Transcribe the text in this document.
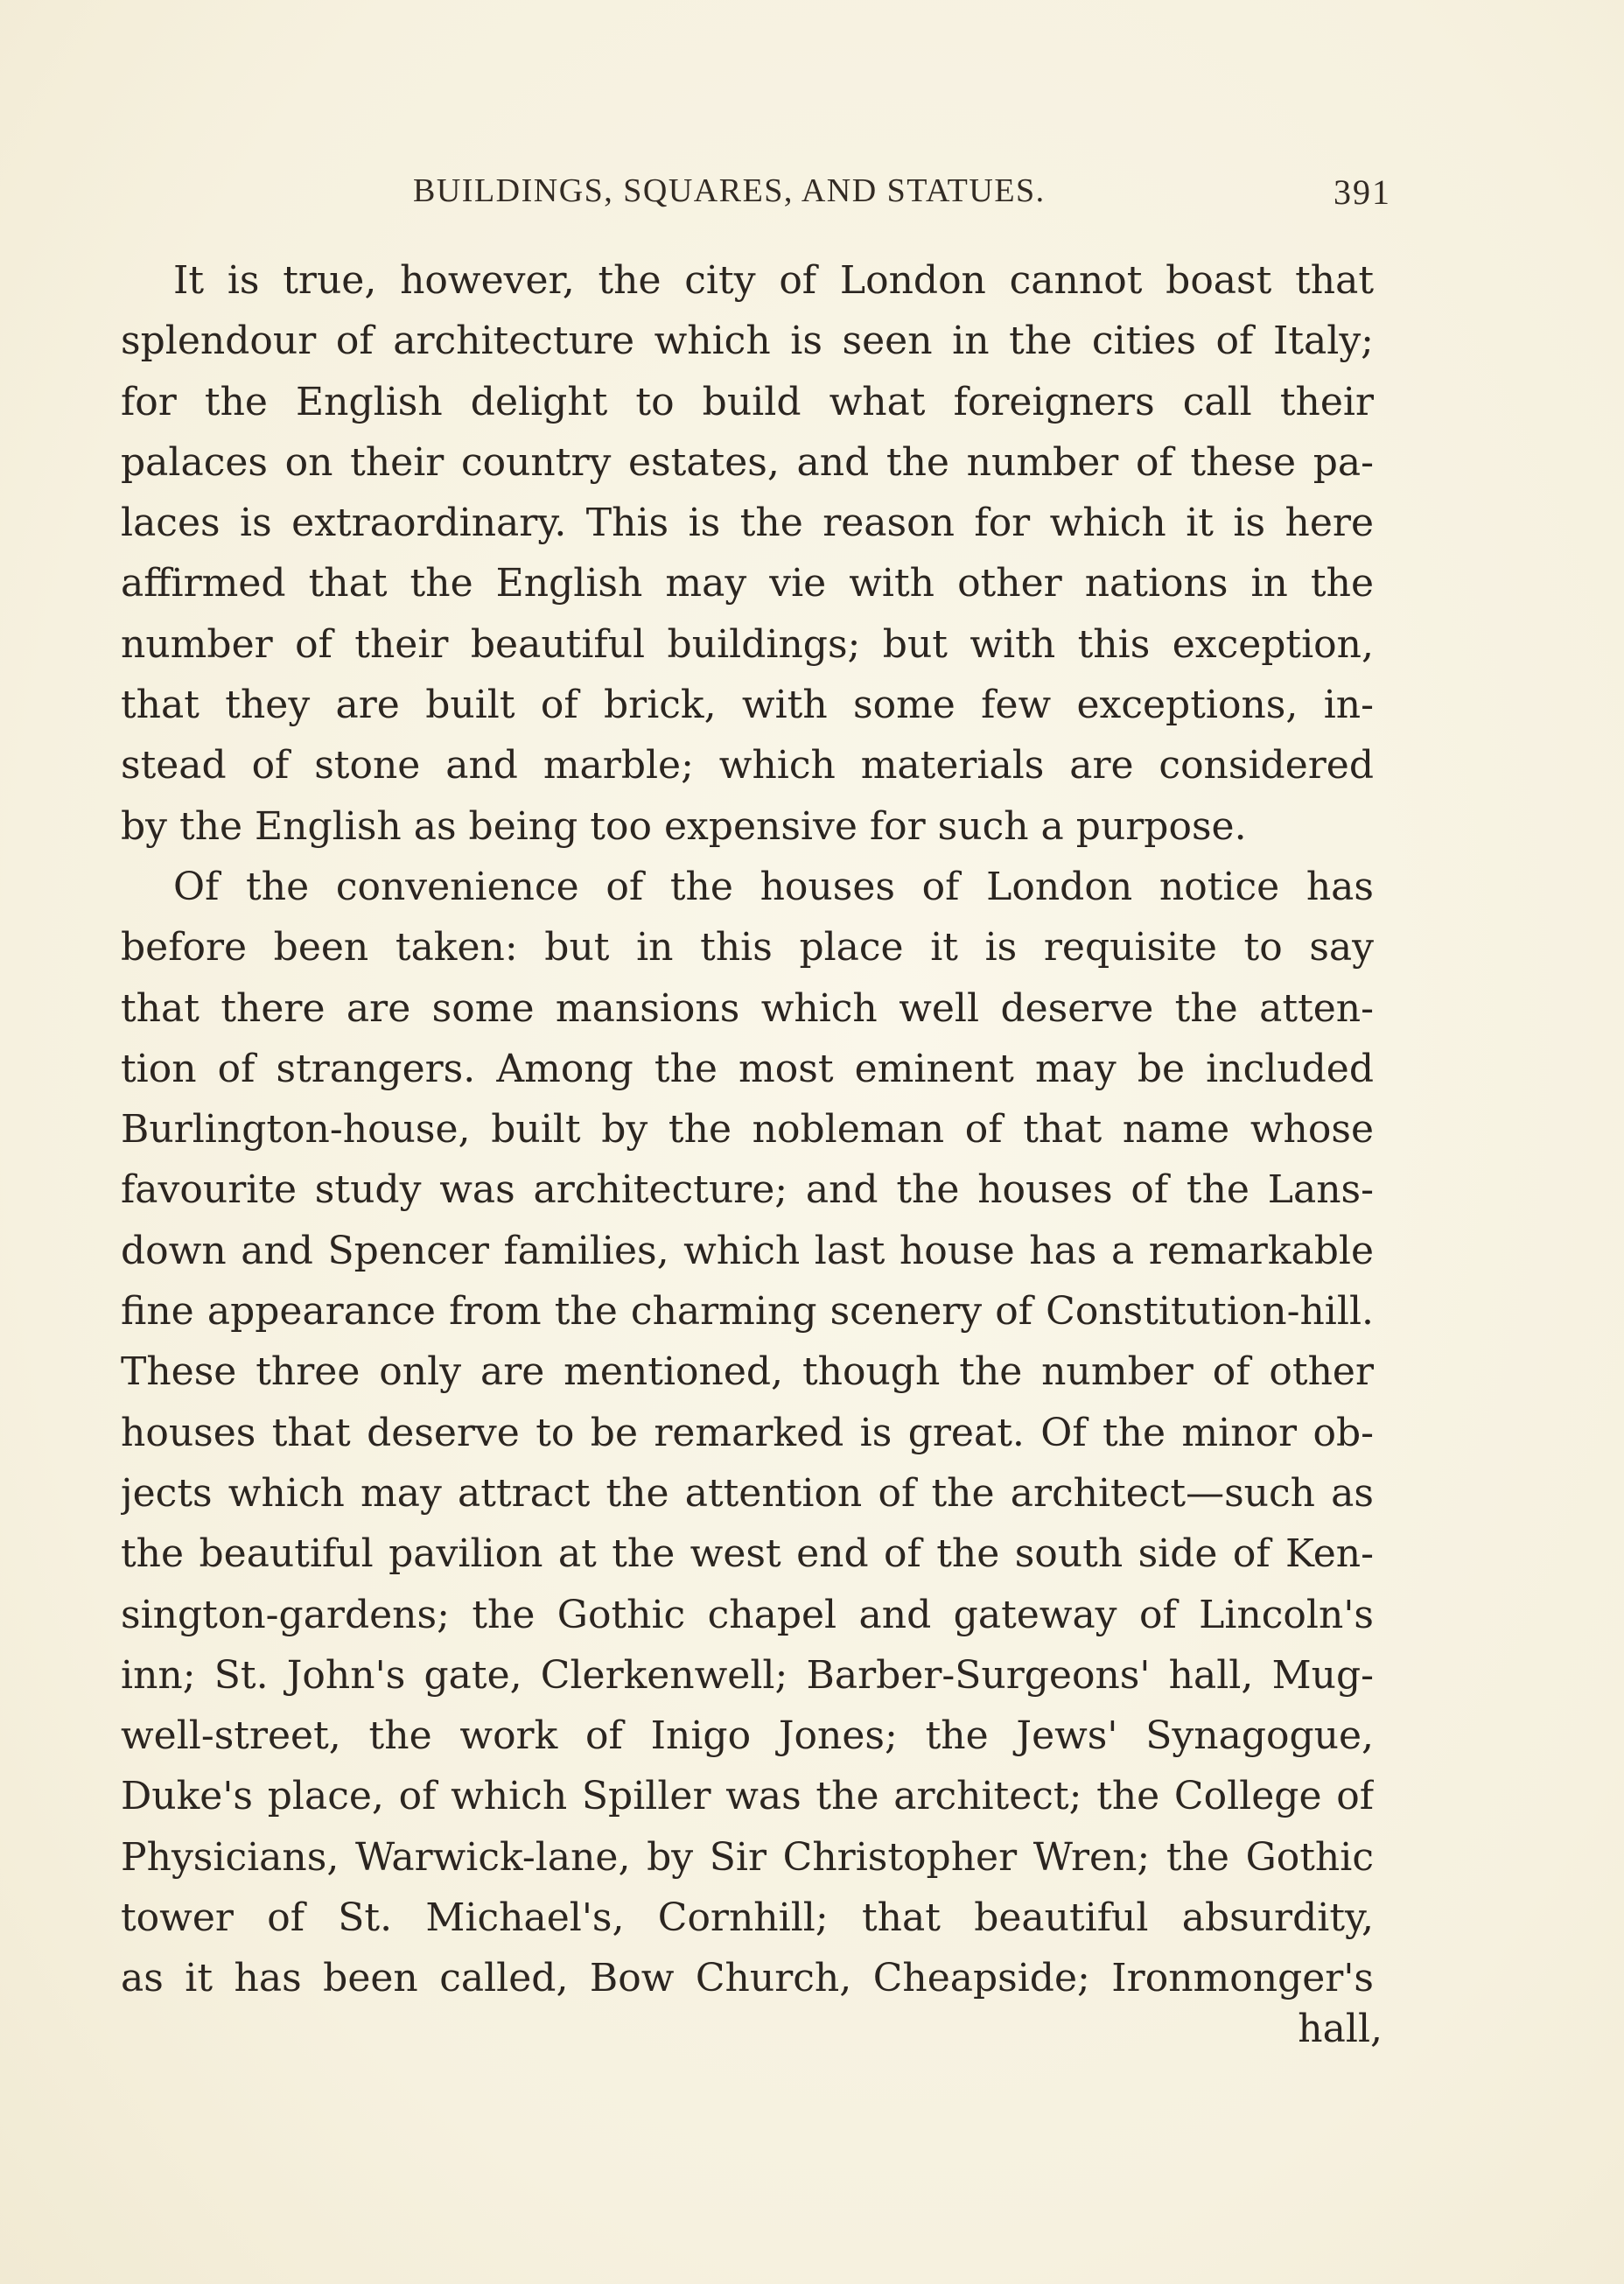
BUILDINGS, SQUARES, AND STATUES.	391
It is true, however, the city of London cannot boast that
splendour of architecture which is seen in the cities of Italy;
for the English delight to build what foreigners call their
palaces on their country estates, and the number of these pa-
laces is extraordinary. This is the reason for which it is here
affirmed that the English may vie with other nations in the
number of their beautiful buildings; but with this exception,
that they are built of brick, with some few exceptions, in-
stead of stone and marble; which materials are considered
by the English as being too expensive for such a purpose.
Of the convenience of the houses of London notice has
before been taken: but in this place it is requisite to say
that there are some mansions which well deserve the atten-
tion of strangers. Among the most eminent may be included
Burlington-house, built by the nobleman of that name whose
favourite study was architecture; and the houses of the Lans-
down and Spencer families, which last house has a remarkable
fine appearance from the charming scenery of Constitution-hill.
These three only are mentioned, though the number of other
houses that deserve to be remarked is great. Of the minor ob-
jects which may attract the attention of the architect—such as
the beautiful pavilion at the west end of the south side of Ken-
sington-gardens; the Gothic chapel and gateway of Lincoln's
inn; St. John's gate, Clerkenwell; Barber-Surgeons' hall, Mug-
well-street, the work of Inigo Jones; the Jews' Synagogue,
Duke's place, of which Spiller was the architect; the College of
Physicians, Warwick-lane, by Sir Christopher Wren; the Gothic
tower of St. Michael's, Cornhill; that beautiful absurdity,
as it has been called, Bow Church, Cheapside; Ironmonger's
hall,
